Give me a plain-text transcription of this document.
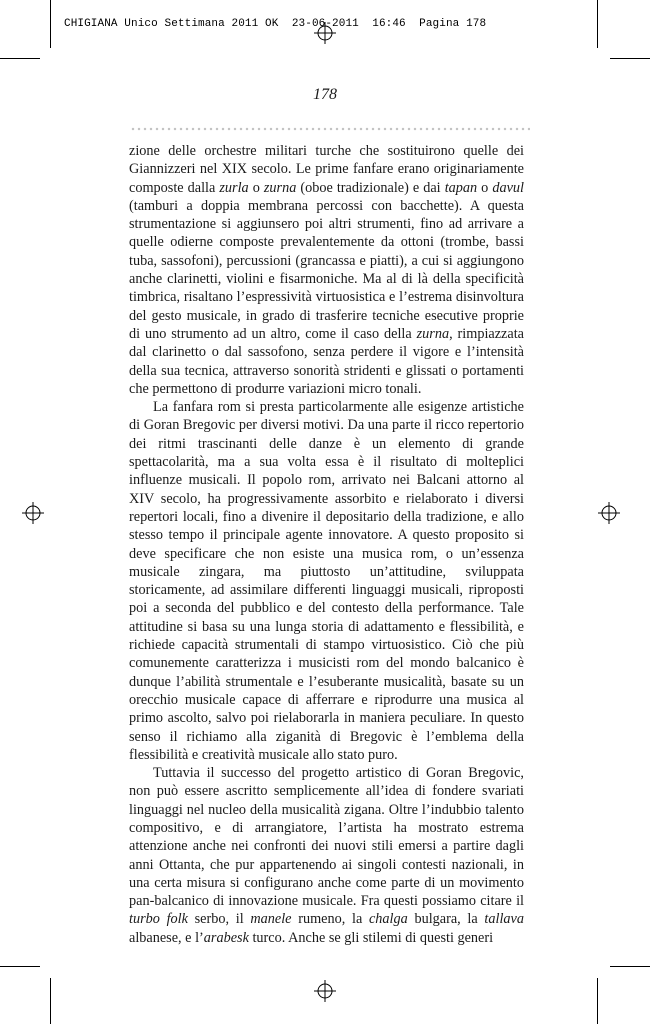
CHIGIANA Unico Settimana 2011 OK  23-06-2011  16:46  Pagina 178
178

zione delle orchestre militari turche che sostituirono quelle dei Giannizzeri nel XIX secolo. Le prime fanfare erano originariamente composte dalla zurla o zurna (oboe tradizionale) e dai tapan o davul (tamburi a doppia membrana percossi con bacchette). A questa strumentazione si aggiunsero poi altri strumenti, fino ad arrivare a quelle odierne composte prevalentemente da ottoni (trombe, bassi tuba, sassofoni), percussioni (grancassa e piatti), a cui si aggiungono anche clarinetti, violini e fisarmoniche. Ma al di là della specificità timbrica, risaltano l’espressività virtuosistica e l’estrema disinvoltura del gesto musicale, in grado di trasferire tecniche esecutive proprie di uno strumento ad un altro, come il caso della zurna, rimpiazzata dal clarinetto o dal sassofono, senza perdere il vigore e l’intensità della sua tecnica, attraverso sonorità stridenti e glissati o portamenti che permettono di produrre variazioni micro tonali.

La fanfara rom si presta particolarmente alle esigenze artistiche di Goran Bregovic per diversi motivi. Da una parte il ricco repertorio dei ritmi trascinanti delle danze è un elemento di grande spettacolarità, ma a sua volta essa è il risultato di molteplici influenze musicali. Il popolo rom, arrivato nei Balcani attorno al XIV secolo, ha progressivamente assorbito e rielaborato i diversi repertori locali, fino a divenire il depositario della tradizione, e allo stesso tempo il principale agente innovatore. A questo proposito si deve specificare che non esiste una musica rom, o un’essenza musicale zingara, ma piuttosto un’attitudine, sviluppata storicamente, ad assimilare differenti linguaggi musicali, riproposti poi a seconda del pubblico e del contesto della performance. Tale attitudine si basa su una lunga storia di adattamento e flessibilità, e richiede capacità strumentali di stampo virtuosistico. Ciò che più comunemente caratterizza i musicisti rom del mondo balcanico è dunque l’abilità strumentale e l’esuberante musicalità, basate su un orecchio musicale capace di afferrare e riprodurre una musica al primo ascolto, salvo poi rielaborarla in maniera peculiare. In questo senso il richiamo alla ziganità di Bregovic è l’emblema della flessibilità e creatività musicale allo stato puro.

Tuttavia il successo del progetto artistico di Goran Bregovic, non può essere ascritto semplicemente all’idea di fondere svariati linguaggi nel nucleo della musicalità zigana. Oltre l’indubbio talento compositivo, e di arrangiatore, l’artista ha mostrato estrema attenzione anche nei confronti dei nuovi stili emersi a partire dagli anni Ottanta, che pur appartenendo ai singoli contesti nazionali, in una certa misura si configurano anche come parte di un movimento pan-balcanico di innovazione musicale. Fra questi possiamo citare il turbo folk serbo, il manele rumeno, la chalga bulgara, la tallava albanese, e l’arabesk turco. Anche se gli stilemi di questi generi
